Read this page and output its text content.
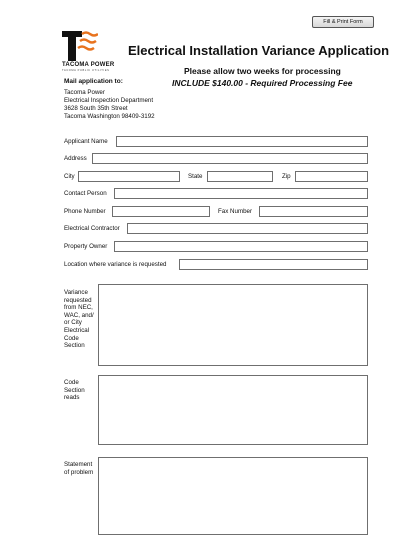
Fill & Print Form
TACOMA POWER
TACOMA PUBLIC UTILITIES
Electrical Installation Variance Application
Please allow two weeks for processing
INCLUDE $140.00 - Required Processing Fee
Mail application to:
Tacoma Power
Electrical Inspection Department
3628 South 35th Street
Tacoma Washington 98409-3192
Applicant Name
Address
City	State	Zip
Contact Person
Phone Number	Fax Number
Electrical Contractor
Property Owner
Location where variance is requested
Variance
requested
from NEC,
WAC, and/
or City
Electrical
Code
Section
Code
Section
reads
Statement
of problem
